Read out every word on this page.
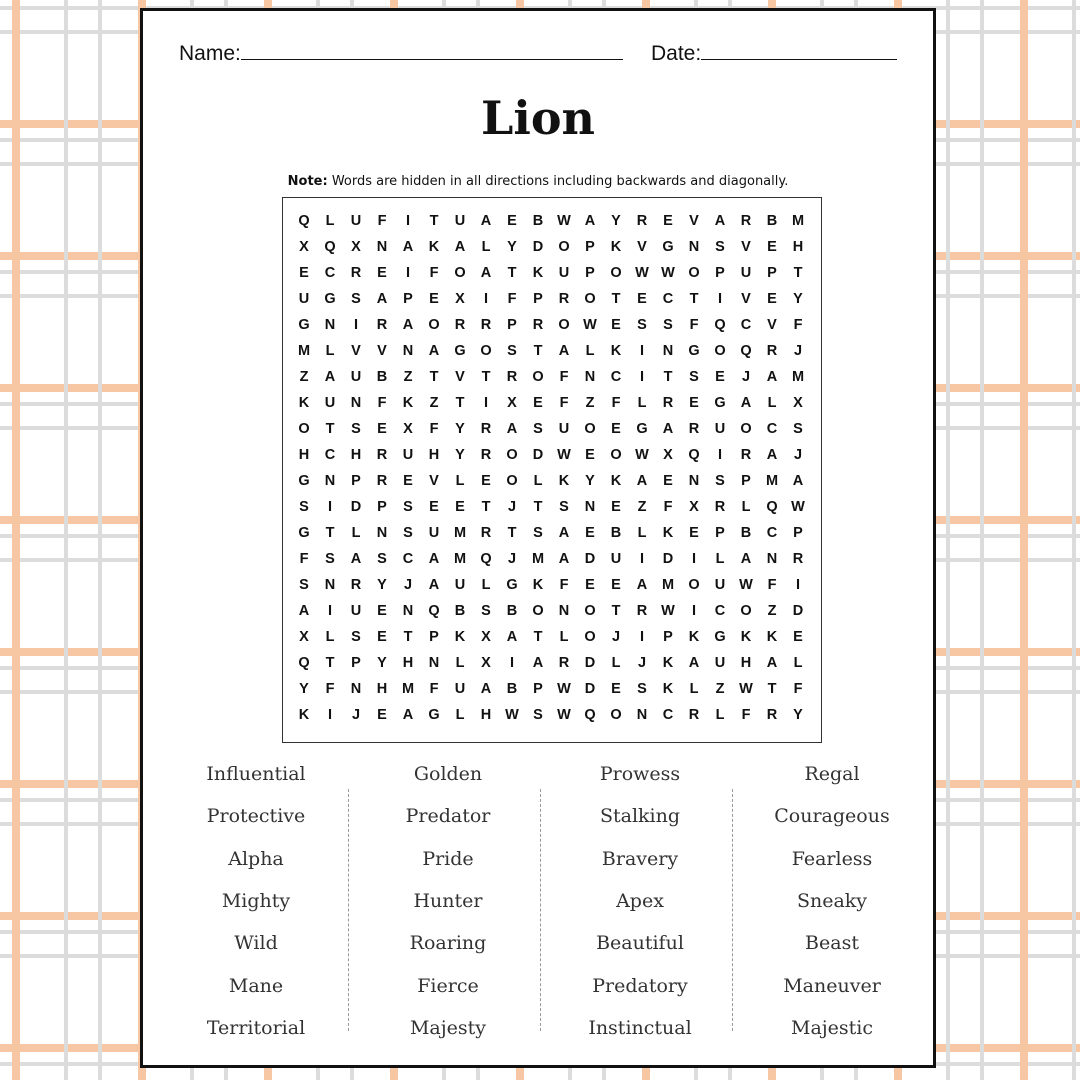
Name:	Date:
Lion
Note: Words are hidden in all directions including backwards and diagonally.
Q	L	U	F	I	T	U	A	E	B W A	Y	R	E	V	A	R	B	M
X	Q	X	N	A	K	A	L	Y	D	O	P	K	V	G	N	S	V	E	H
E	C	R	E	I	F	O	A	T	K	U	P	O W W O	P	U	P	T
U	G	S	A	P	E	X	I	F	P	R	O	T	E	C	T	I	V	E	Y
G	N	I	R	A	O	R	R	P	R	O W E	S	S	F	Q	C	V	F
M	L	V	V	N	A	G	O	S	T	A	L	K	I	N	G	O	Q	R	J
Z	A	U	B	Z	T	V	T	R	O	F	N	C	I	T	S	E	J	A	M
K	U	N	F	K	Z	T	I	X	E	F	Z	F	L	R	E	G	A	L	X
O	T	S	E	X	F	Y	R	A	S	U	O	E	G	A	R	U	O	C	S
H	C	H	R	U	H	Y	R	O	D W E	O W X	Q	I	R	A	J
G	N	P	R	E	V	L	E	O	L	K	Y	K	A	E	N	S	P	M	A
S	I	D	P	S	E	E	T	J	T	S	N	E	Z	F	X	R	L	Q W
G	T	L	N	S	U	M	R	T	S	A	E	B	L	K	E	P	B	C	P
F	S	A	S	C	A	M Q	J	M	A	D	U	I	D	I	L	A	N	R
S	N	R	Y	J	A	U	L	G	K	F	E	E	A	M O	U W	F	I
A	I	U	E	N	Q	B	S	B	O	N	O	T	R W	I	C	O	Z	D
X	L	S	E	T	P	K	X	A	T	L	O	J	I	P	K	G	K	K	E
Q	T	P	Y	H	N	L	X	I	A	R	D	L	J	K	A	U	H	A	L
Y	F	N	H	M	F	U	A	B	P W D	E	S	K	L	Z	W	T	F
K	I	J	E	A	G	L	H W S W Q	O	N	C	R	L	F	R	Y
Influential
Protective
Alpha
Mighty
Wild
Mane
Territorial
Golden
Predator
Pride
Hunter
Roaring
Fierce
Majesty
Prowess
Stalking
Bravery
Apex
Beautiful
Predatory
Instinctual
Regal
Courageous
Fearless
Sneaky
Beast
Maneuver
Majestic
